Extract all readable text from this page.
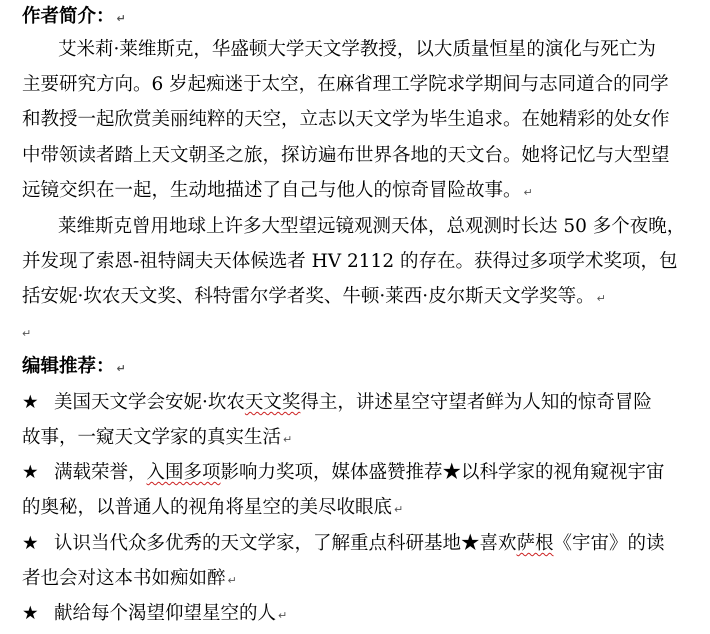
作者简介： ↵
艾米莉·莱维斯克，华盛顿大学天文学教授，以大质量恒星的演化与死亡为
主要研究方向。6 岁起痴迷于太空，在麻省理工学院求学期间与志同道合的同学
和教授一起欣赏美丽纯粹的天空，立志以天文学为毕生追求。在她精彩的处女作
中带领读者踏上天文朝圣之旅，探访遍布世界各地的天文台。她将记忆与大型望
远镜交织在一起，生动地描述了自己与他人的惊奇冒险故事。 ↵
莱维斯克曾用地球上许多大型望远镜观测天体，总观测时长达 50 多个夜晚，
并发现了索恩-祖特阔夫天体候选者 HV 2112 的存在。获得过多项学术奖项，包
括安妮·坎农天文奖、科特雷尔学者奖、牛顿·莱西·皮尔斯天文学奖等。 ↵
↵
编辑推荐： ↵
★ 美国天文学会安妮·坎农天文奖得主，讲述星空守望者鲜为人知的惊奇冒险
故事，一窥天文学家的真实生活 ↵
★ 满载荣誉，入围多项影响力奖项，媒体盛赞推荐★以科学家的视角窥视宇宙
的奥秘，以普通人的视角将星空的美尽收眼底 ↵
★ 认识当代众多优秀的天文学家，了解重点科研基地★喜欢萨根《宇宙》的读
者也会对这本书如痴如醉 ↵
★ 献给每个渴望仰望星空的人 ↵
